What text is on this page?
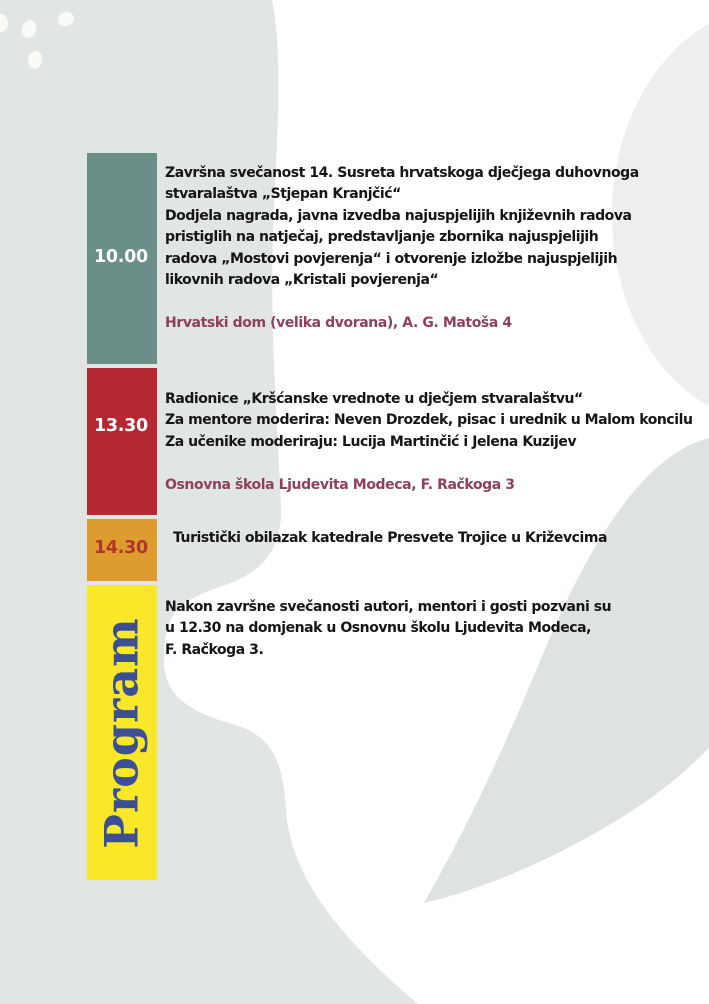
10.00
13.30
14.30
Program
Završna svečanost 14. Susreta hrvatskoga dječjega duhovnoga
stvaralaštva „Stjepan Kranjčić“
Dodjela nagrada, javna izvedba najuspjelijih književnih radova
pristiglih na natječaj, predstavljanje zbornika najuspjelijih
radova „Mostovi povjerenja“ i otvorenje izložbe najuspjelijih
likovnih radova „Kristali povjerenja“
Hrvatski dom (velika dvorana), A. G. Matoša 4
Radionice „Kršćanske vrednote u dječjem stvaralaštvu“
Za mentore moderira: Neven Drozdek, pisac i urednik u Malom koncilu
Za učenike moderiraju: Lucija Martinčić i Jelena Kuzijev
Osnovna škola Ljudevita Modeca, F. Račkoga 3
Turistički obilazak katedrale Presvete Trojice u Križevcima
Nakon završne svečanosti autori, mentori i gosti pozvani su
u 12.30 na domjenak u Osnovnu školu Ljudevita Modeca,
F. Račkoga 3.
